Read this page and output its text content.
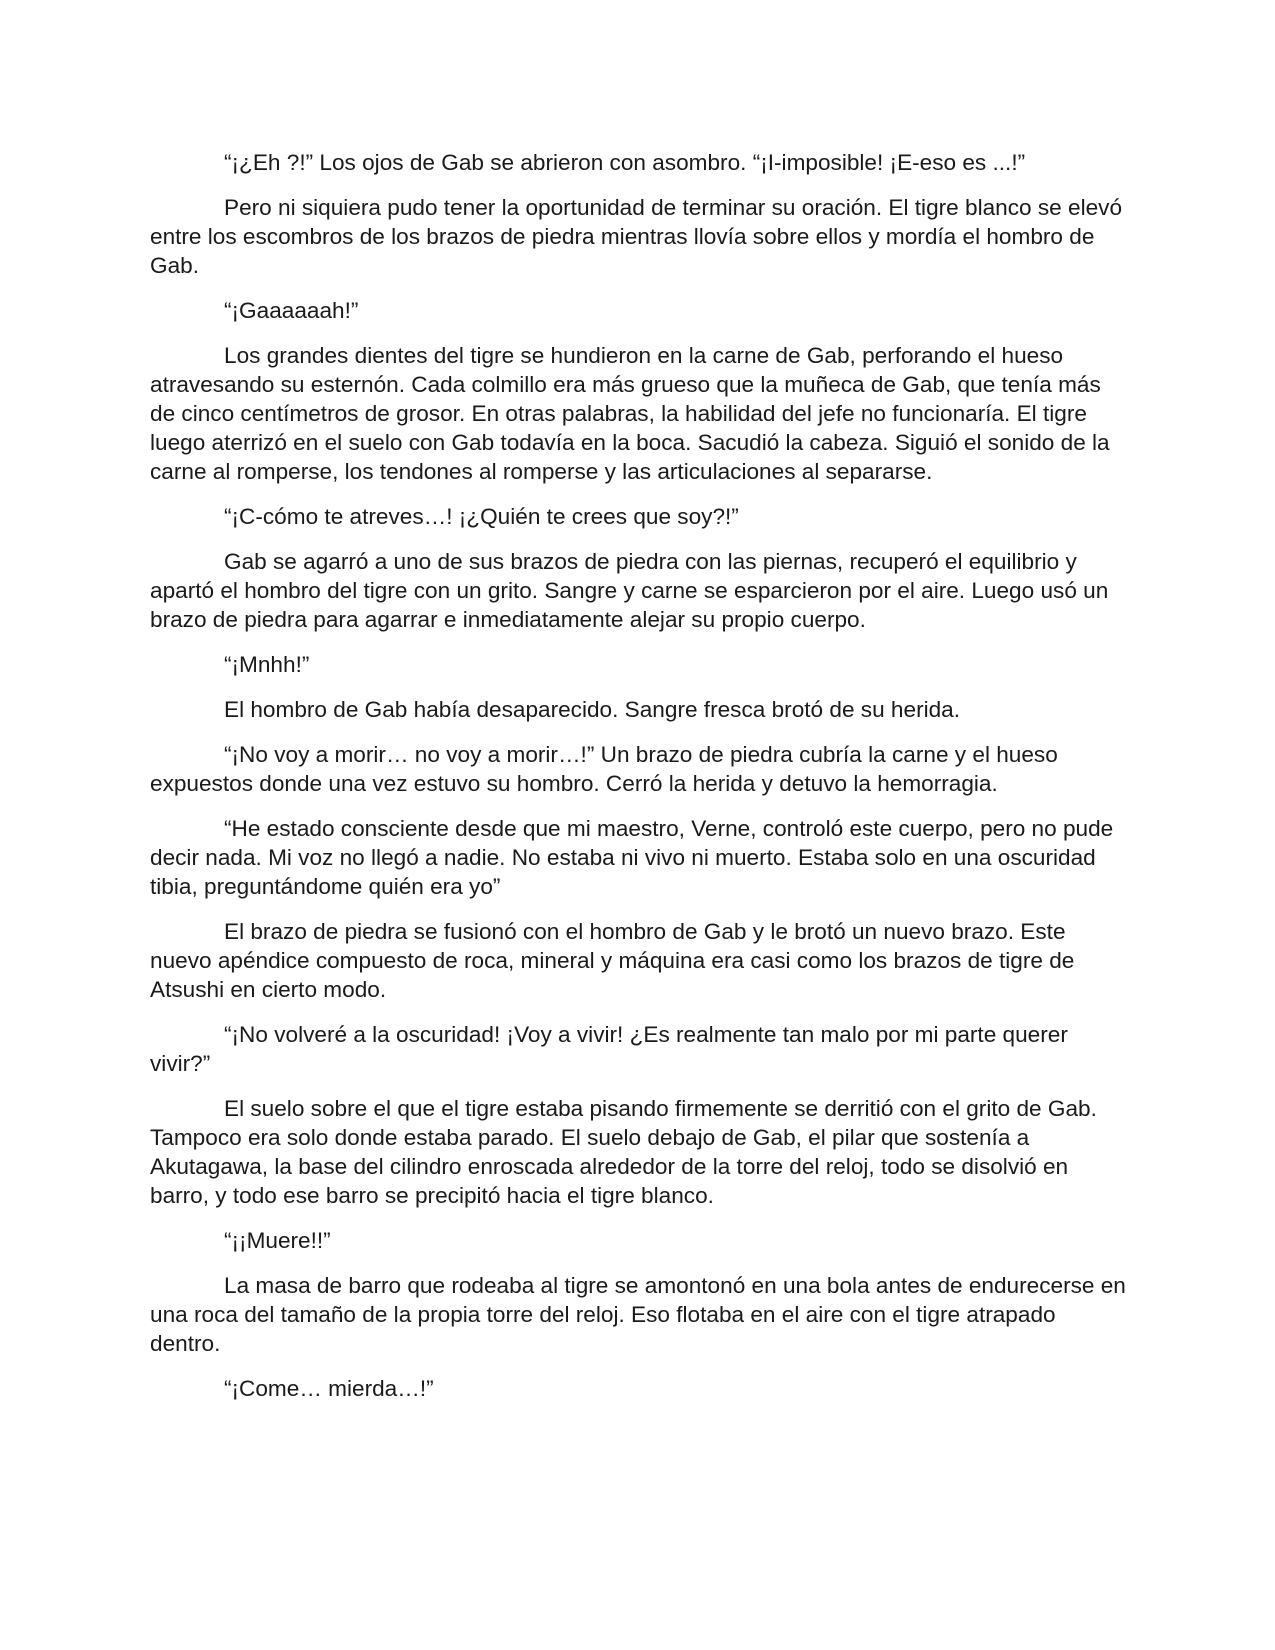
“¡¿Eh ?!” Los ojos de Gab se abrieron con asombro. “¡I-imposible! ¡E-eso es ...!”

Pero ni siquiera pudo tener la oportunidad de terminar su oración. El tigre blanco se elevó entre los escombros de los brazos de piedra mientras llovía sobre ellos y mordía el hombro de Gab.

“¡Gaaaaaah!”

Los grandes dientes del tigre se hundieron en la carne de Gab, perforando el hueso atravesando su esternón. Cada colmillo era más grueso que la muñeca de Gab, que tenía más de cinco centímetros de grosor. En otras palabras, la habilidad del jefe no funcionaría. El tigre luego aterrizó en el suelo con Gab todavía en la boca. Sacudió la cabeza. Siguió el sonido de la carne al romperse, los tendones al romperse y las articulaciones al separarse.

“¡C-cómo te atreves…! ¡¿Quién te crees que soy?!”

Gab se agarró a uno de sus brazos de piedra con las piernas, recuperó el equilibrio y apartó el hombro del tigre con un grito. Sangre y carne se esparcieron por el aire. Luego usó un brazo de piedra para agarrar e inmediatamente alejar su propio cuerpo.

“¡Mnhh!”

El hombro de Gab había desaparecido. Sangre fresca brotó de su herida.

“¡No voy a morir… no voy a morir…!” Un brazo de piedra cubría la carne y el hueso expuestos donde una vez estuvo su hombro. Cerró la herida y detuvo la hemorragia.

“He estado consciente desde que mi maestro, Verne, controló este cuerpo, pero no pude decir nada. Mi voz no llegó a nadie. No estaba ni vivo ni muerto. Estaba solo en una oscuridad tibia, preguntándome quién era yo”

El brazo de piedra se fusionó con el hombro de Gab y le brotó un nuevo brazo. Este nuevo apéndice compuesto de roca, mineral y máquina era casi como los brazos de tigre de Atsushi en cierto modo.

“¡No volveré a la oscuridad! ¡Voy a vivir! ¿Es realmente tan malo por mi parte querer vivir?”

El suelo sobre el que el tigre estaba pisando firmemente se derritió con el grito de Gab. Tampoco era solo donde estaba parado. El suelo debajo de Gab, el pilar que sostenía a Akutagawa, la base del cilindro enroscada alrededor de la torre del reloj, todo se disolvió en barro, y todo ese barro se precipitó hacia el tigre blanco.

“¡¡Muere!!”

La masa de barro que rodeaba al tigre se amontonó en una bola antes de endurecerse en una roca del tamaño de la propia torre del reloj. Eso flotaba en el aire con el tigre atrapado dentro.

“¡Come… mierda…!”
